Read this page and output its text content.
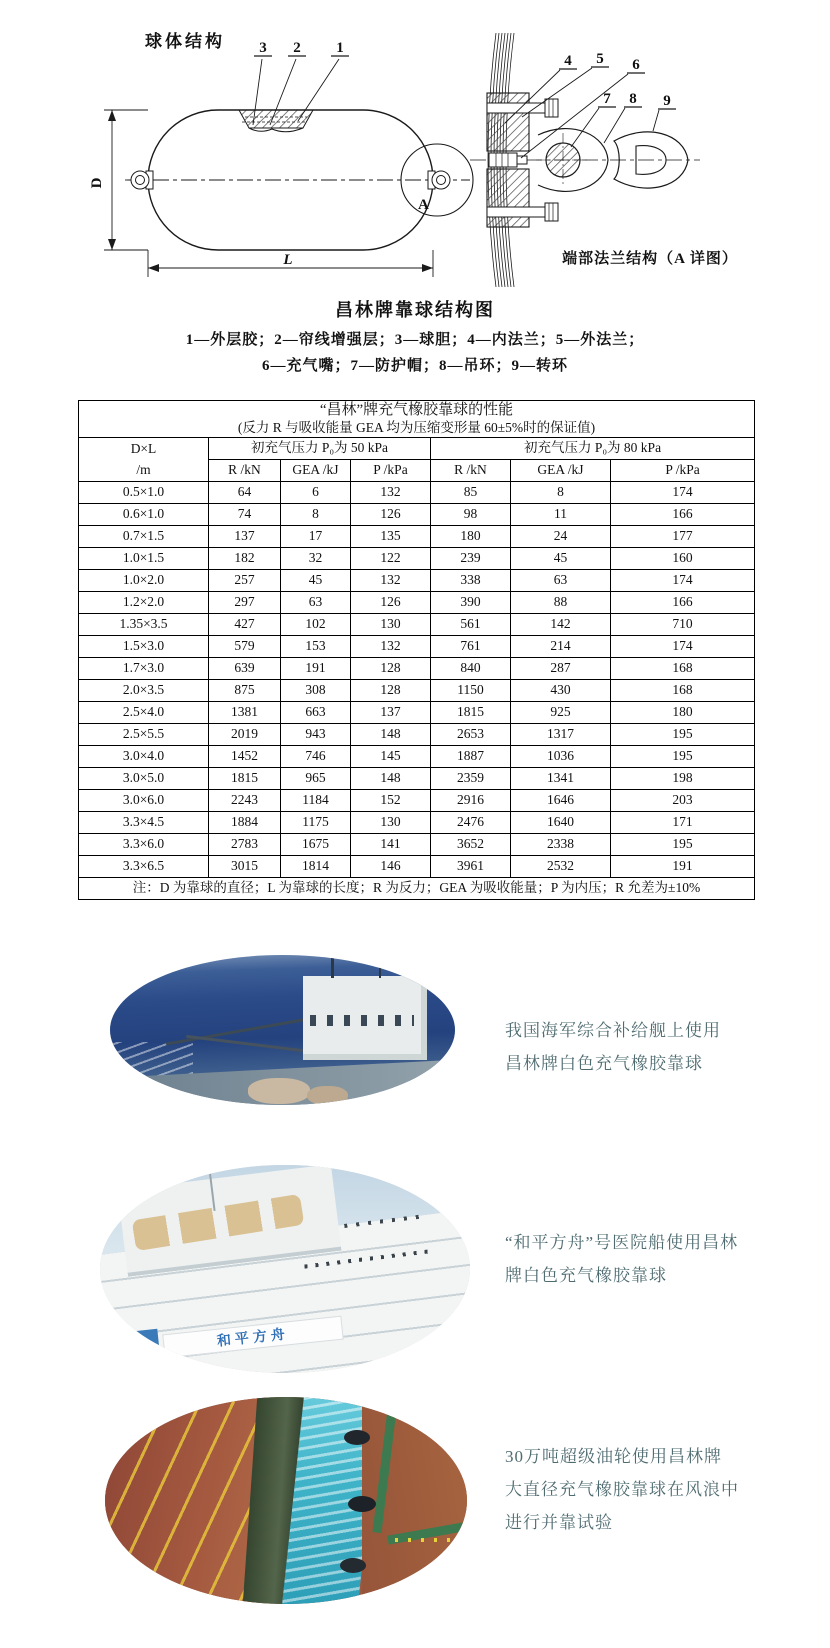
球体结构
A
3 2 1
D
L
4 5 6
7 8 9
端部法兰结构（A 详图）
昌林牌靠球结构图
1—外层胶；2—帘线增强层；3—球胆；4—内法兰；5—外法兰；
6—充气嘴；7—防护帽；8—吊环；9—转环
“昌林”牌充气橡胶靠球的性能
(反力 R 与吸收能量 GEA 均为压缩变形量 60±5%时的保证值)						

D×L
/m	初充气压力 P₀为 50 kPa			初充气压力 P₀为 80 kPa		
	R /kN	GEA /kJ	P /kPa	R /kN	GEA /kJ	P /kPa
0.5×1.0	64	6	132	85	8	174
0.6×1.0	74	8	126	98	11	166
0.7×1.5	137	17	135	180	24	177
1.0×1.5	182	32	122	239	45	160
1.0×2.0	257	45	132	338	63	174
1.2×2.0	297	63	126	390	88	166
1.35×3.5	427	102	130	561	142	710
1.5×3.0	579	153	132	761	214	174
1.7×3.0	639	191	128	840	287	168
2.0×3.5	875	308	128	1150	430	168
2.5×4.0	1381	663	137	1815	925	180
2.5×5.5	2019	943	148	2653	1317	195
3.0×4.0	1452	746	145	1887	1036	195
3.0×5.0	1815	965	148	2359	1341	198
3.0×6.0	2243	1184	152	2916	1646	203
3.3×4.5	1884	1175	130	2476	1640	171
3.3×6.0	2783	1675	141	3652	2338	195
3.3×6.5	3015	1814	146	3961	2532	191
注：D 为靠球的直径；L 为靠球的长度；R 为反力；GEA 为吸收能量；P 为内压；R 允差为±10%						
我国海军综合补给舰上使用
昌林牌白色充气橡胶靠球
和平方舟
“和平方舟”号医院船使用昌林
牌白色充气橡胶靠球
30万吨超级油轮使用昌林牌
大直径充气橡胶靠球在风浪中
进行并靠试验
